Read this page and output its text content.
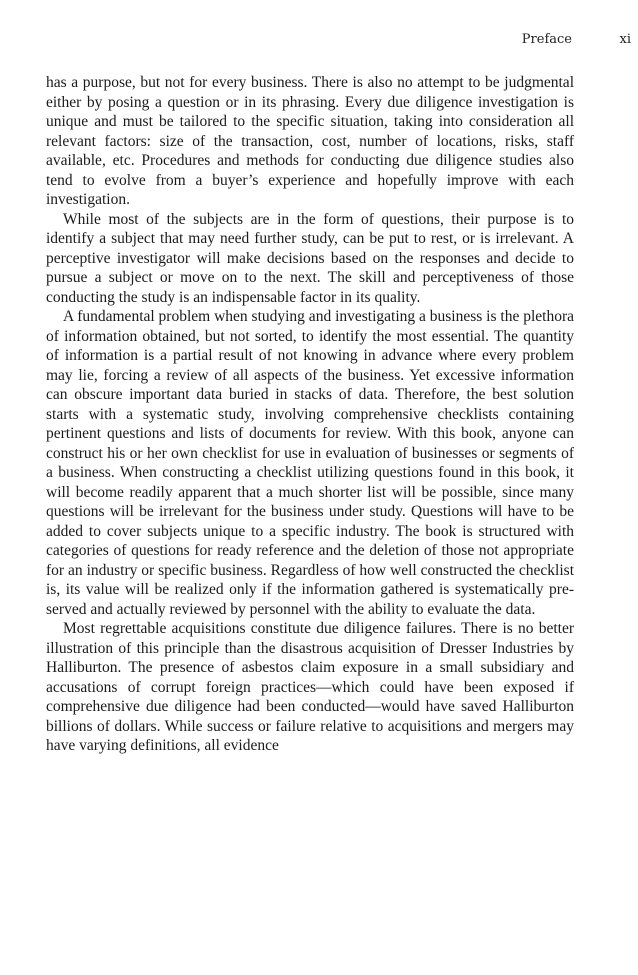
Preface	xi

has a purpose, but not for every business. There is also no attempt to be judgmental either by posing a question or in its phrasing. Every due diligence investigation is unique and must be tailored to the specific situation, taking into consideration all relevant factors: size of the transaction, cost, number of locations, risks, staff available, etc. Procedures and methods for conducting due diligence studies also tend to evolve from a buyer’s experience and hopefully improve with each investigation.

While most of the subjects are in the form of questions, their purpose is to identify a subject that may need further study, can be put to rest, or is irrelevant. A perceptive investigator will make decisions based on the responses and decide to pursue a subject or move on to the next. The skill and perceptiveness of those conducting the study is an indispensable factor in its quality.

A fundamental problem when studying and investigating a business is the plethora of information obtained, but not sorted, to identify the most essential. The quantity of information is a partial result of not knowing in advance where every problem may lie, forcing a review of all aspects of the business. Yet excessive information can obscure important data buried in stacks of data. Therefore, the best solution starts with a systematic study, involving comprehensive checklists containing pertinent questions and lists of documents for review. With this book, anyone can construct his or her own checklist for use in evaluation of businesses or segments of a business. When constructing a checklist utilizing questions found in this book, it will become readily apparent that a much shorter list will be possible, since many questions will be irrelevant for the business under study. Questions will have to be added to cover subjects unique to a specific industry. The book is structured with categories of questions for ready reference and the deletion of those not appropriate for an industry or specific business. Regardless of how well constructed the checklist is, its value will be realized only if the information gathered is systematically preserved and actually reviewed by personnel with the ability to evaluate the data.

Most regrettable acquisitions constitute due diligence failures. There is no better illustration of this principle than the disastrous acquisition of Dresser Industries by Halliburton. The presence of asbestos claim exposure in a small subsidiary and accusations of corrupt foreign practices—which could have been exposed if comprehensive due diligence had been conducted—would have saved Halliburton billions of dollars. While success or failure relative to acquisitions and mergers may have varying definitions, all evidence
